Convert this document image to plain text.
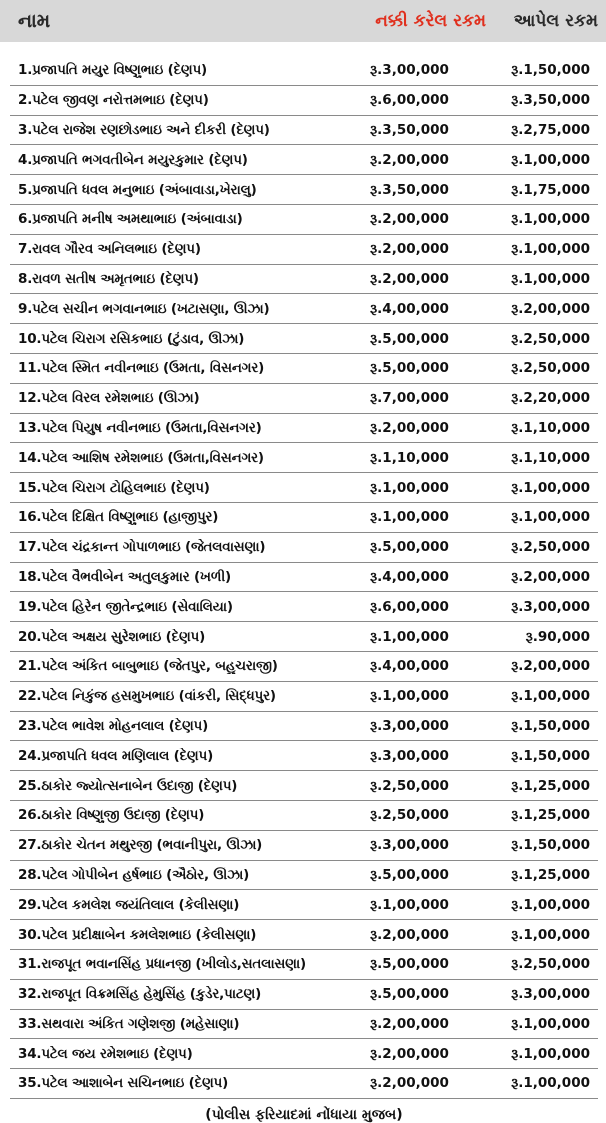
નામ	નક્કી કરેલ રકમ	આપેલ રકમ
1.પ્રજાપતિ મયુર વિષ્ણુભાઇ (દેણપ)	રૂ.3,00,000	રૂ.1,50,000
2.પટેલ જીવણ નરોત્તમભાઇ (દેણપ)	રૂ.6,00,000	રૂ.3,50,000
3.પટેલ રાજેશ રણછોડભાઇ અને દીકરી (દેણપ)	રૂ.3,50,000	રૂ.2,75,000
4.પ્રજાપતિ ભગવતીબેન મયુરકુમાર (દેણપ)	રૂ.2,00,000	રૂ.1,00,000
5.પ્રજાપતિ ધવલ મનુભાઇ (અંબાવાડા,ખેરાલુ)	રૂ.3,50,000	રૂ.1,75,000
6.પ્રજાપતિ મનીષ અમથાભાઇ (અંબાવાડા)	રૂ.2,00,000	રૂ.1,00,000
7.રાવલ ગૌરવ અનિલભાઇ (દેણપ)	રૂ.2,00,000	રૂ.1,00,000
8.રાવળ સતીષ અમૃતભાઇ (દેણપ)	રૂ.2,00,000	રૂ.1,00,000
9.પટેલ સચીન ભગવાનભાઇ (ખટાસણા, ઊંઝા)	રૂ.4,00,000	રૂ.2,00,000
10.પટેલ ચિરાગ રસિકભાઇ (ટુંડાવ, ઊંઝા)	રૂ.5,00,000	રૂ.2,50,000
11.પટેલ સ્મિત નવીનભાઇ (ઉમતા, વિસનગર)	રૂ.5,00,000	રૂ.2,50,000
12.પટેલ વિરલ રમેશભાઇ (ઊંઝા)	રૂ.7,00,000	રૂ.2,20,000
13.પટેલ પિયુષ નવીનભાઇ (ઉમતા,વિસનગર)	રૂ.2,00,000	રૂ.1,10,000
14.પટેલ આશિષ રમેશભાઇ (ઉમતા,વિસનગર)	રૂ.1,10,000	રૂ.1,10,000
15.પટેલ ચિરાગ ટોહિલભાઇ (દેણપ)	રૂ.1,00,000	રૂ.1,00,000
16.પટેલ દિક્ષિત વિષ્ણુભાઇ (હાજીપુર)	રૂ.1,00,000	રૂ.1,00,000
17.પટેલ ચંદ્રકાન્ત ગોપાળભાઇ (જેતલવાસણા)	રૂ.5,00,000	રૂ.2,50,000
18.પટેલ વૈભવીબેન અતુલકુમાર (ખળી)	રૂ.4,00,000	રૂ.2,00,000
19.પટેલ હિરેન જીતેન્દ્રભાઇ (સેવાલિયા)	રૂ.6,00,000	રૂ.3,00,000
20.પટેલ અક્ષય સુરેશભાઇ (દેણપ)	રૂ.1,00,000	રૂ.90,000
21.પટેલ અંકિત બાબુભાઇ (જેતપુર, બહુચરાજી)	રૂ.4,00,000	રૂ.2,00,000
22.પટેલ નિકુંજ હસમુખભાઇ (વાંકરી, સિદ્ધપુર)	રૂ.1,00,000	રૂ.1,00,000
23.પટેલ ભાવેશ મોહનલાલ (દેણપ)	રૂ.3,00,000	રૂ.1,50,000
24.પ્રજાપતિ ધવલ મણિલાલ (દેણપ)	રૂ.3,00,000	રૂ.1,50,000
25.ઠાકોર જ્યોત્સનાબેન ઉદાજી (દેણપ)	રૂ.2,50,000	રૂ.1,25,000
26.ઠાકોર વિષ્ણુજી ઉદાજી (દેણપ)	રૂ.2,50,000	રૂ.1,25,000
27.ઠાકોર ચેતન મથુરજી (ભવાનીપુરા, ઊંઝા)	રૂ.3,00,000	રૂ.1,50,000
28.પટેલ ગોપીબેન હર્ષભાઇ (ઐઠોર, ઊંઝા)	રૂ.5,00,000	રૂ.1,25,000
29.પટેલ કમલેશ જયંતિલાલ (કેલીસણા)	રૂ.1,00,000	રૂ.1,00,000
30.પટેલ પ્રદીક્ષાબેન કમલેશભાઇ (કેલીસણા)	રૂ.2,00,000	રૂ.1,00,000
31.રાજપૂત ભવાનસિંહ પ્રધાનજી (ખીલોડ,સતલાસણા)	રૂ.5,00,000	રૂ.2,50,000
32.રાજપૂત વિક્રમસિંહ હેમુસિંહ (કુડેર,પાટણ)	રૂ.5,00,000	રૂ.3,00,000
33.સથવારા અંકિત ગણેશજી (મહેસાણા)	રૂ.2,00,000	રૂ.1,00,000
34.પટેલ જય રમેશભાઇ (દેણપ)	રૂ.2,00,000	રૂ.1,00,000
35.પટેલ આશાબેન સચિનભાઇ (દેણપ)	રૂ.2,00,000	રૂ.1,00,000
(પોલીસ ફરિયાદમાં નોંધાયા મુજબ)
